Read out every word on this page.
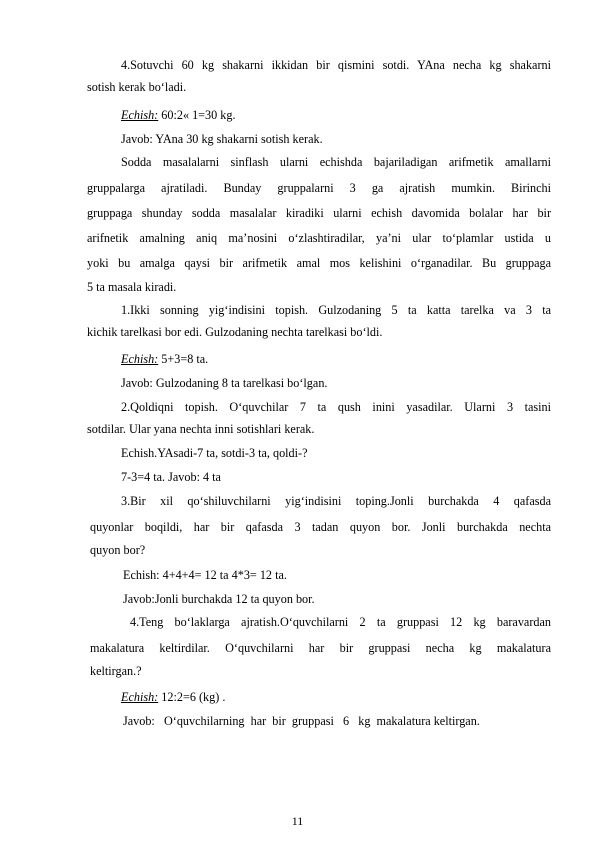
4.Sotuvchi 60 kg shakarni ikkidan bir qismini sotdi. YAna necha kg shakarni
sotish kerak bo‘ladi.
Echish: 60:2« 1=30 kg.
Javob: YAna 30 kg shakarni sotish kerak.
Sodda masalalarni sinflash ularni echishda bajariladigan arifmetik amallarni
gruppalarga ajratiladi. Bunday gruppalarni 3 ga ajratish mumkin. Birinchi
gruppaga shunday sodda masalalar kiradiki ularni echish davomida bolalar har bir
arifnetik amalning aniq ma’nosini o‘zlashtiradilar, ya’ni ular to‘plamlar ustida u
yoki bu amalga qaysi bir arifmetik amal mos kelishini o‘rganadilar. Bu gruppaga
5 ta masala kiradi.
1.Ikki sonning yig‘indisini topish. Gulzodaning 5 ta katta tarelka va 3 ta
kichik tarelkasi bor edi. Gulzodaning nechta tarelkasi bo‘ldi.
Echish: 5+3=8 ta.
Javob: Gulzodaning 8 ta tarelkasi bo‘lgan.
2.Qoldiqni topish. O‘quvchilar 7 ta qush inini yasadilar. Ularni 3 tasini
sotdilar. Ular yana nechta inni sotishlari kerak.
Echish.YAsadi-7 ta, sotdi-3 ta, qoldi-?
7-3=4 ta. Javob: 4 ta
3.Bir xil qo‘shiluvchilarni yig‘indisini toping.Jonli burchakda 4 qafasda
quyonlar boqildi, har bir qafasda 3 tadan quyon bor. Jonli burchakda nechta
quyon bor?
Echish: 4+4+4= 12 ta 4*3= 12 ta.
Javob:Jonli burchakda 12 ta quyon bor.
4.Teng bo‘laklarga ajratish.O‘quvchilarni 2 ta gruppasi 12 kg baravardan
makalatura keltirdilar. O‘quvchilarni har bir gruppasi necha kg makalatura
keltirgan.?
Echish: 12:2=6 (kg) .
Javob:   O‘quvchilarning  har  bir  gruppasi   6   kg  makalatura keltirgan.
11
